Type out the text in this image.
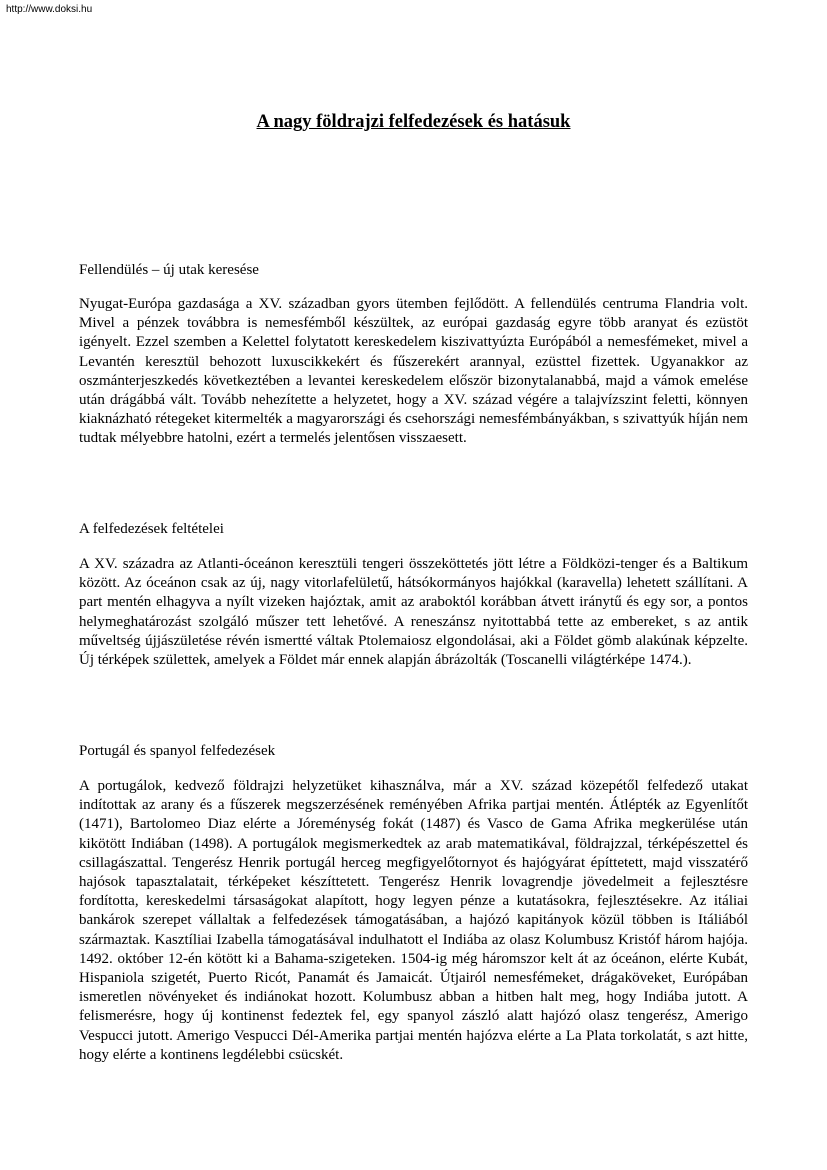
http://www.doksi.hu
A nagy földrajzi felfedezések és hatásuk
Fellendülés – új utak keresése

Nyugat-Európa gazdasága a XV. században gyors ütemben fejlődött. A fellendülés centruma Flandria volt. Mivel a pénzek továbbra is nemesfémből készültek, az európai gazdaság egyre több aranyat és ezüstöt igényelt. Ezzel szemben a Kelettel folytatott kereskedelem kiszivattyúzta Európából a nemesfémeket, mivel a Levantén keresztül behozott luxuscikkekért és fűszerekért arannyal, ezüsttel fizettek. Ugyanakkor az oszmánterjeszkedés következtében a levantei kereskedelem először bizonytalanabbá, majd a vámok emelése után drágábbá vált. Tovább nehezítette a helyzetet, hogy a XV. század végére a talajvízszint feletti, könnyen kiaknázható rétegeket kitermelték a magyarországi és csehországi nemesfémbányákban, s szivattyúk híján nem tudtak mélyebbre hatolni, ezért a termelés jelentősen visszaesett.

A felfedezések feltételei

A XV. századra az Atlanti-óceánon keresztüli tengeri összeköttetés jött létre a Földközi-tenger és a Baltikum között. Az óceánon csak az új, nagy vitorlafelületű, hátsókormányos hajókkal (karavella) lehetett szállítani. A part mentén elhagyva a nyílt vizeken hajóztak, amit az araboktól korábban átvett iránytű és egy sor, a pontos helymeghatározást szolgáló műszer tett lehetővé. A reneszánsz nyitottabbá tette az embereket, s az antik műveltség újjászületése révén ismertté váltak Ptolemaiosz elgondolásai, aki a Földet gömb alakúnak képzelte. Új térképek születtek, amelyek a Földet már ennek alapján ábrázolták (Toscanelli világtérképe 1474.).

Portugál és spanyol felfedezések

A portugálok, kedvező földrajzi helyzetüket kihasználva, már a XV. század közepétől felfedező utakat indítottak az arany és a fűszerek megszerzésének reményében Afrika partjai mentén. Átlépték az Egyenlítőt (1471), Bartolomeo Diaz elérte a Jóreménység fokát (1487) és Vasco de Gama Afrika megkerülése után kikötött Indiában (1498). A portugálok megismerkedtek az arab matematikával, földrajzzal, térképészettel és csillagászattal. Tengerész Henrik portugál herceg megfigyelőtornyot és hajógyárat építtetett, majd visszatérő hajósok tapasztalatait, térképeket készíttetett. Tengerész Henrik lovagrendje jövedelmeit a fejlesztésre fordította, kereskedelmi társaságokat alapított, hogy legyen pénze a kutatásokra, fejlesztésekre. Az itáliai bankárok szerepet vállaltak a felfedezések támogatásában, a hajózó kapitányok közül többen is Itáliából származtak. Kasztíliai Izabella támogatásával indulhatott el Indiába az olasz Kolumbusz Kristóf három hajója. 1492. október 12-én kötött ki a Bahama-szigeteken. 1504-ig még háromszor kelt át az óceánon, elérte Kubát, Hispaniola szigetét, Puerto Ricót, Panamát és Jamaicát. Útjairól nemesfémeket, drágaköveket, Európában ismeretlen növényeket és indiánokat hozott. Kolumbusz abban a hitben halt meg, hogy Indiába jutott. A felismerésre, hogy új kontinenst fedeztek fel, egy spanyol zászló alatt hajózó olasz tengerész, Amerigo Vespucci jutott. Amerigo Vespucci Dél-Amerika partjai mentén hajózva elérte a La Plata torkolatát, s azt hitte, hogy elérte a kontinens legdélebbi csücskét.
